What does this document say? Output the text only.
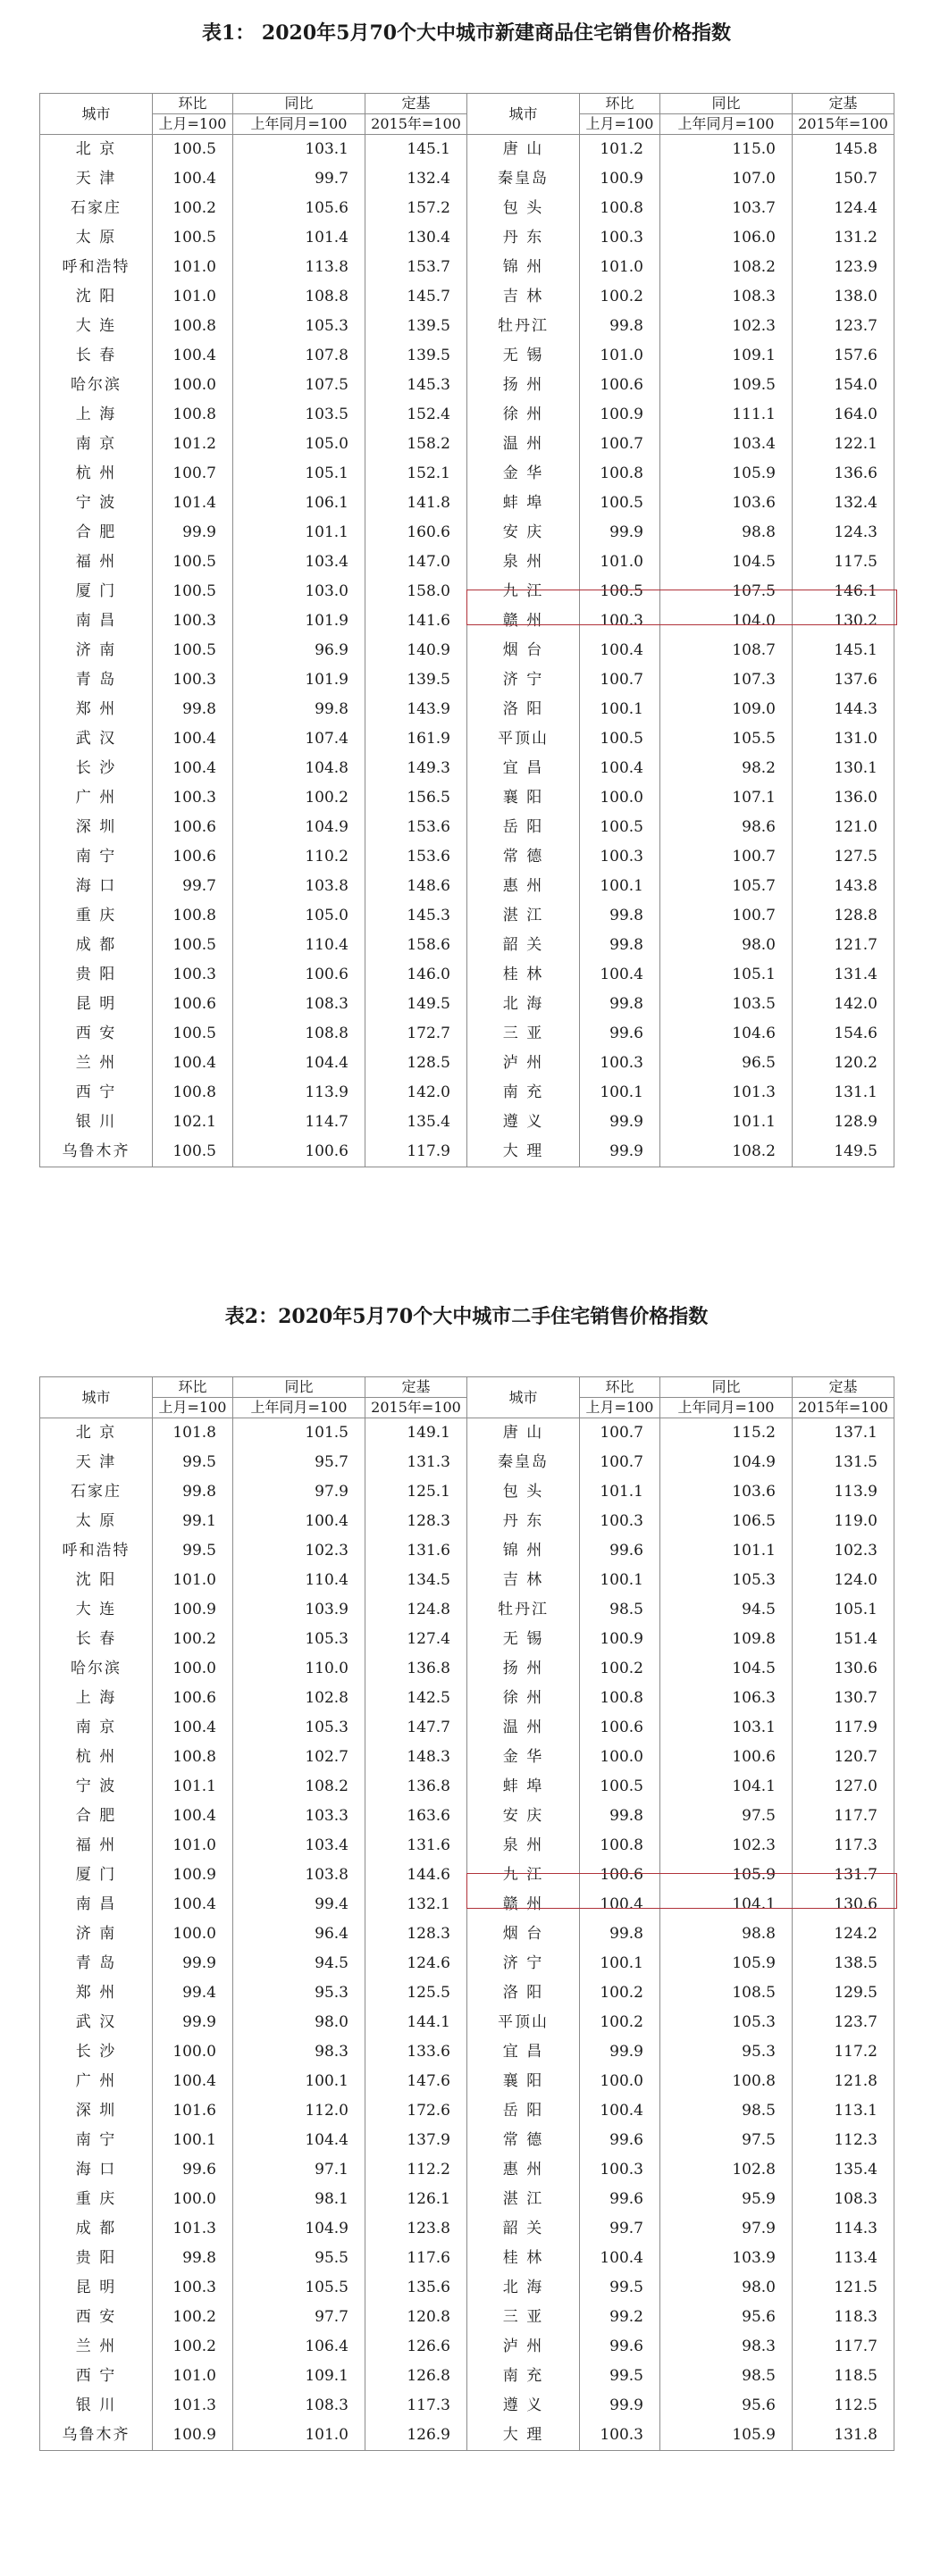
表1： 2020年5月70个大中城市新建商品住宅销售价格指数
城市	环比	同比	定基	城市	环比	同比	定基
	上月=100	上年同月=100	2015年=100		上月=100	上年同月=100	2015年=100
北 京	100.5	103.1	145.1	唐 山	101.2	115.0	145.8
天 津	100.4	99.7	132.4	秦皇岛	100.9	107.0	150.7
石家庄	100.2	105.6	157.2	包 头	100.8	103.7	124.4
太 原	100.5	101.4	130.4	丹 东	100.3	106.0	131.2
呼和浩特	101.0	113.8	153.7	锦 州	101.0	108.2	123.9
沈 阳	101.0	108.8	145.7	吉 林	100.2	108.3	138.0
大 连	100.8	105.3	139.5	牡丹江	99.8	102.3	123.7
长 春	100.4	107.8	139.5	无 锡	101.0	109.1	157.6
哈尔滨	100.0	107.5	145.3	扬 州	100.6	109.5	154.0
上 海	100.8	103.5	152.4	徐 州	100.9	111.1	164.0
南 京	101.2	105.0	158.2	温 州	100.7	103.4	122.1
杭 州	100.7	105.1	152.1	金 华	100.8	105.9	136.6
宁 波	101.4	106.1	141.8	蚌 埠	100.5	103.6	132.4
合 肥	99.9	101.1	160.6	安 庆	99.9	98.8	124.3
福 州	100.5	103.4	147.0	泉 州	101.0	104.5	117.5
厦 门	100.5	103.0	158.0	九 江	100.5	107.5	146.1
南 昌	100.3	101.9	141.6	赣 州	100.3	104.0	130.2
济 南	100.5	96.9	140.9	烟 台	100.4	108.7	145.1
青 岛	100.3	101.9	139.5	济 宁	100.7	107.3	137.6
郑 州	99.8	99.8	143.9	洛 阳	100.1	109.0	144.3
武 汉	100.4	107.4	161.9	平顶山	100.5	105.5	131.0
长 沙	100.4	104.8	149.3	宜 昌	100.4	98.2	130.1
广 州	100.3	100.2	156.5	襄 阳	100.0	107.1	136.0
深 圳	100.6	104.9	153.6	岳 阳	100.5	98.6	121.0
南 宁	100.6	110.2	153.6	常 德	100.3	100.7	127.5
海 口	99.7	103.8	148.6	惠 州	100.1	105.7	143.8
重 庆	100.8	105.0	145.3	湛 江	99.8	100.7	128.8
成 都	100.5	110.4	158.6	韶 关	99.8	98.0	121.7
贵 阳	100.3	100.6	146.0	桂 林	100.4	105.1	131.4
昆 明	100.6	108.3	149.5	北 海	99.8	103.5	142.0
西 安	100.5	108.8	172.7	三 亚	99.6	104.6	154.6
兰 州	100.4	104.4	128.5	泸 州	100.3	96.5	120.2
西 宁	100.8	113.9	142.0	南 充	100.1	101.3	131.1
银 川	102.1	114.7	135.4	遵 义	99.9	101.1	128.9
乌鲁木齐	100.5	100.6	117.9	大 理	99.9	108.2	149.5
表2：2020年5月70个大中城市二手住宅销售价格指数
城市	环比	同比	定基	城市	环比	同比	定基
	上月=100	上年同月=100	2015年=100		上月=100	上年同月=100	2015年=100
北 京	101.8	101.5	149.1	唐 山	100.7	115.2	137.1
天 津	99.5	95.7	131.3	秦皇岛	100.7	104.9	131.5
石家庄	99.8	97.9	125.1	包 头	101.1	103.6	113.9
太 原	99.1	100.4	128.3	丹 东	100.3	106.5	119.0
呼和浩特	99.5	102.3	131.6	锦 州	99.6	101.1	102.3
沈 阳	101.0	110.4	134.5	吉 林	100.1	105.3	124.0
大 连	100.9	103.9	124.8	牡丹江	98.5	94.5	105.1
长 春	100.2	105.3	127.4	无 锡	100.9	109.8	151.4
哈尔滨	100.0	110.0	136.8	扬 州	100.2	104.5	130.6
上 海	100.6	102.8	142.5	徐 州	100.8	106.3	130.7
南 京	100.4	105.3	147.7	温 州	100.6	103.1	117.9
杭 州	100.8	102.7	148.3	金 华	100.0	100.6	120.7
宁 波	101.1	108.2	136.8	蚌 埠	100.5	104.1	127.0
合 肥	100.4	103.3	163.6	安 庆	99.8	97.5	117.7
福 州	101.0	103.4	131.6	泉 州	100.8	102.3	117.3
厦 门	100.9	103.8	144.6	九 江	100.6	105.9	131.7
南 昌	100.4	99.4	132.1	赣 州	100.4	104.1	130.6
济 南	100.0	96.4	128.3	烟 台	99.8	98.8	124.2
青 岛	99.9	94.5	124.6	济 宁	100.1	105.9	138.5
郑 州	99.4	95.3	125.5	洛 阳	100.2	108.5	129.5
武 汉	99.9	98.0	144.1	平顶山	100.2	105.3	123.7
长 沙	100.0	98.3	133.6	宜 昌	99.9	95.3	117.2
广 州	100.4	100.1	147.6	襄 阳	100.0	100.8	121.8
深 圳	101.6	112.0	172.6	岳 阳	100.4	98.5	113.1
南 宁	100.1	104.4	137.9	常 德	99.6	97.5	112.3
海 口	99.6	97.1	112.2	惠 州	100.3	102.8	135.4
重 庆	100.0	98.1	126.1	湛 江	99.6	95.9	108.3
成 都	101.3	104.9	123.8	韶 关	99.7	97.9	114.3
贵 阳	99.8	95.5	117.6	桂 林	100.4	103.9	113.4
昆 明	100.3	105.5	135.6	北 海	99.5	98.0	121.5
西 安	100.2	97.7	120.8	三 亚	99.2	95.6	118.3
兰 州	100.2	106.4	126.6	泸 州	99.6	98.3	117.7
西 宁	101.0	109.1	126.8	南 充	99.5	98.5	118.5
银 川	101.3	108.3	117.3	遵 义	99.9	95.6	112.5
乌鲁木齐	100.9	101.0	126.9	大 理	100.3	105.9	131.8
